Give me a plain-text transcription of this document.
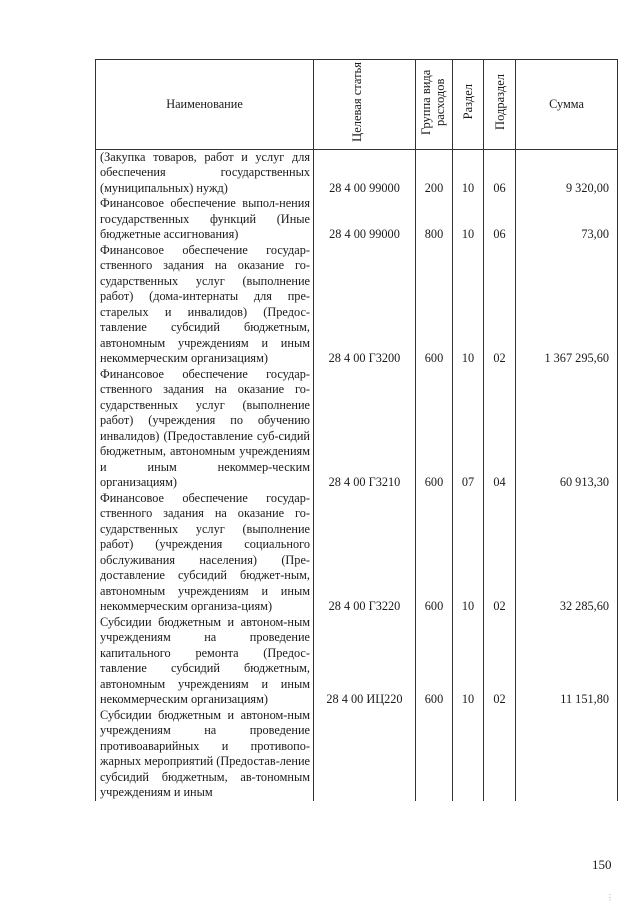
Наименование	Целевая статья	Группа вида расходов	Раздел	Подраздел	Сумма
(Закупка товаров, работ и услуг для обеспечения государственных (муниципальных) нужд)	28 4 00 99000	200	10	06	9 320,00
Финансовое обеспечение выпол-нения государственных функций (Иные бюджетные ассигнования)	28 4 00 99000	800	10	06	73,00
Финансовое обеспечение государ-ственного задания на оказание го-сударственных услуг (выполнение работ) (дома-интернаты для пре-старелых и инвалидов) (Предос-тавление субсидий бюджетным, автономным учреждениям и иным некоммерческим организациям)	28 4 00 Г3200	600	10	02	1 367 295,60
Финансовое обеспечение государ-ственного задания на оказание го-сударственных услуг (выполнение работ) (учреждения по обучению инвалидов) (Предоставление суб-сидий бюджетным, автономным учреждениям и иным некоммер-ческим организациям)	28 4 00 Г3210	600	07	04	60 913,30
Финансовое обеспечение государ-ственного задания на оказание го-сударственных услуг (выполнение работ) (учреждения социального обслуживания населения) (Пре-доставление субсидий бюджет-ным, автономным учреждениям и иным некоммерческим организа-циям)	28 4 00 Г3220	600	10	02	32 285,60
Субсидии бюджетным и автоном-ным учреждениям на проведение капитального ремонта (Предос-тавление субсидий бюджетным, автономным учреждениям и иным некоммерческим организациям)	28 4 00 ИЦ220	600	10	02	11 151,80
Субсидии бюджетным и автоном-ным учреждениям на проведение противоаварийных и противопо-жарных мероприятий (Предостав-ление субсидий бюджетным, ав-тономным учреждениям и иным					
150
⋮
